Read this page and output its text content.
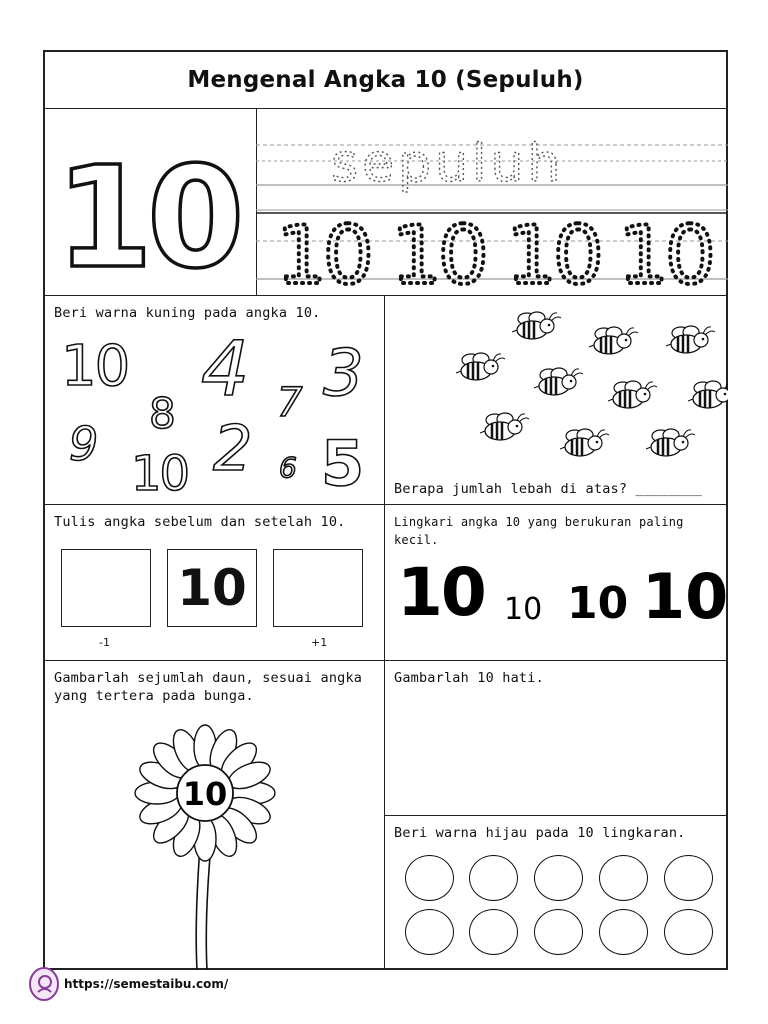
Mengenal Angka 10 (Sepuluh)
10 sepuluh
10 10 10 10
Beri warna kuning pada angka 10.
10 4 3
8	7
9 2
10	6 5 Berapa jumlah lebah di atas? ________
Tulis angka sebelum dan setelah 10.
10
-1	+1
Lingkari angka 10 yang berukuran paling kecil.
10 10 10 10
Gambarlah sejumlah daun, sesuai angka yang tertera pada bunga.
10
Gambarlah 10 hati.
Beri warna hijau pada 10 lingkaran.
https://semestaibu.com/
